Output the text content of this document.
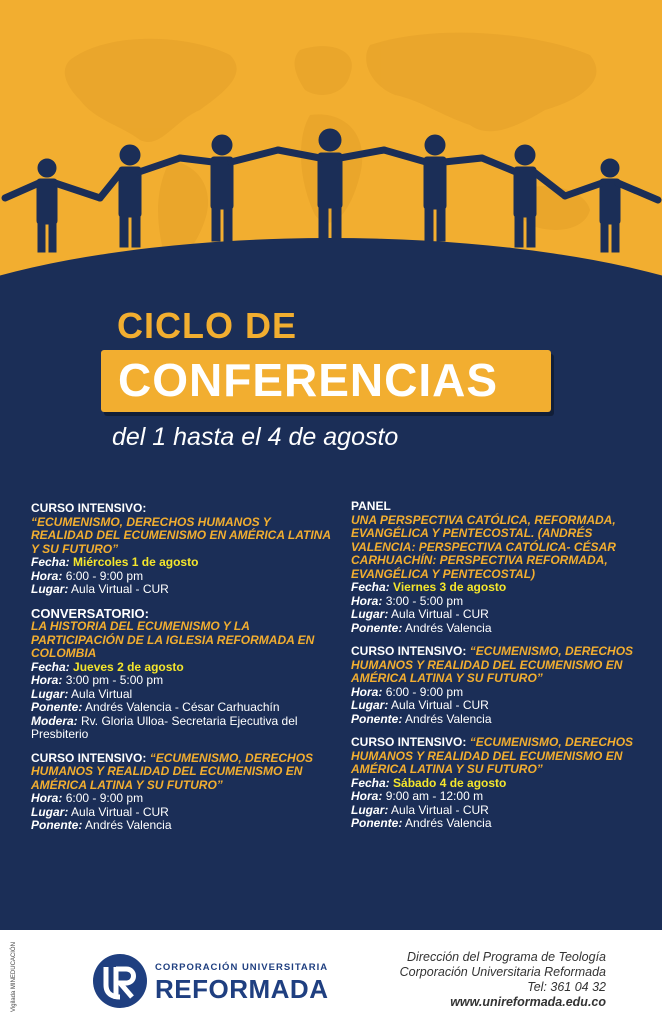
CICLO DE
CONFERENCIAS
del 1 hasta el 4 de agosto
CURSO INTENSIVO:
“ECUMENISMO, DERECHOS HUMANOS Y REALIDAD DEL ECUMENISMO EN AMÉRICA LATINA Y SU FUTURO”
Fecha: Miércoles 1 de agosto
Hora: 6:00 - 9:00 pm
Lugar: Aula Virtual - CUR
CONVERSATORIO:
LA HISTORIA DEL ECUMENISMO Y LA PARTICIPACIÓN DE LA IGLESIA REFORMADA EN COLOMBIA
Fecha: Jueves 2 de agosto
Hora: 3:00 pm - 5:00 pm
Lugar: Aula Virtual
Ponente: Andrés Valencia - César Carhuachín
Modera: Rv. Gloria Ulloa- Secretaria Ejecutiva del Presbiterio
CURSO INTENSIVO: “ECUMENISMO, DERECHOS HUMANOS Y REALIDAD DEL ECUMENISMO EN AMÉRICA LATINA Y SU FUTURO”
Hora: 6:00 - 9:00 pm
Lugar: Aula Virtual - CUR
Ponente: Andrés Valencia
PANEL
UNA PERSPECTIVA CATÓLICA, REFORMADA, EVANGÉLICA Y PENTECOSTAL. (ANDRÉS VALENCIA: PERSPECTIVA CATÓLICA- CÉSAR CARHUACHÍN: PERSPECTIVA REFORMADA, EVANGÉLICA Y PENTECOSTAL)
Fecha: Viernes 3 de agosto
Hora: 3:00 - 5:00 pm
Lugar: Aula Virtual - CUR
Ponente: Andrés Valencia
CURSO INTENSIVO: “ECUMENISMO, DERECHOS HUMANOS Y REALIDAD DEL ECUMENISMO EN AMÉRICA LATINA Y SU FUTURO”
Hora: 6:00 - 9:00 pm
Lugar: Aula Virtual - CUR
Ponente: Andrés Valencia
CURSO INTENSIVO: “ECUMENISMO, DERECHOS HUMANOS Y REALIDAD DEL ECUMENISMO EN AMÉRICA LATINA Y SU FUTURO”
Fecha: Sábado 4 de agosto
Hora: 9:00 am - 12:00 m
Lugar: Aula Virtual - CUR
Ponente: Andrés Valencia
Vigilada MINEDUCACIÓN	CORPORACIÓN UNIVERSITARIA
REFORMADA
Dirección del Programa de Teología
Corporación Universitaria Reformada
Tel: 361 04 32
www.unireformada.edu.co
